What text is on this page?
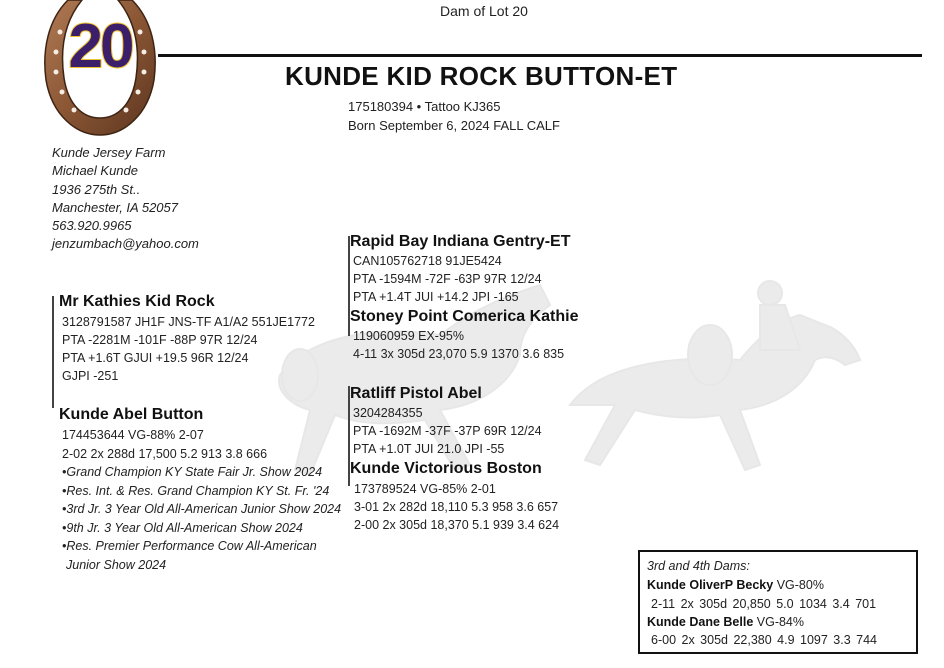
20
Dam of Lot 20
KUNDE KID ROCK BUTTON-ET
175180394 • Tattoo KJ365
Born September 6, 2024 FALL CALF
Kunde Jersey Farm
Michael Kunde
1936 275th St..
Manchester, IA 52057
563.920.9965
jenzumbach@yahoo.com
Mr Kathies Kid Rock
3128791587 JH1F JNS-TF A1/A2 551JE1772
PTA -2281M -101F -88P 97R 12/24
PTA +1.6T GJUI +19.5 96R 12/24
GJPI -251
Kunde Abel Button
174453644 VG-88% 2-07
2-02 2x 288d 17,500 5.2 913 3.8 666
•Grand Champion KY State Fair Jr. Show 2024
•Res. Int. & Res. Grand Champion KY St. Fr. '24
•3rd Jr. 3 Year Old All-American Junior Show 2024
•9th Jr. 3 Year Old All-American Show 2024
•Res. Premier Performance Cow All-American
Junior Show 2024
Rapid Bay Indiana Gentry-ET
CAN105762718 91JE5424
PTA -1594M -72F -63P 97R 12/24
PTA +1.4T JUI +14.2 JPI -165
Stoney Point Comerica Kathie
119060959 EX-95%
4-11 3x 305d 23,070 5.9 1370 3.6 835
Ratliff Pistol Abel
3204284355
PTA -1692M -37F -37P 69R 12/24
PTA +1.0T JUI 21.0 JPI -55
Kunde Victorious Boston
173789524 VG-85% 2-01
3-01 2x 282d 18,110 5.3 958 3.6 657
2-00 2x 305d 18,370 5.1 939 3.4 624
3rd and 4th Dams:
Kunde OliverP Becky VG-80%
2-11 2x 305d 20,850 5.0 1034 3.4 701
Kunde Dane Belle VG-84%
6-00 2x 305d 22,380 4.9 1097 3.3 744
